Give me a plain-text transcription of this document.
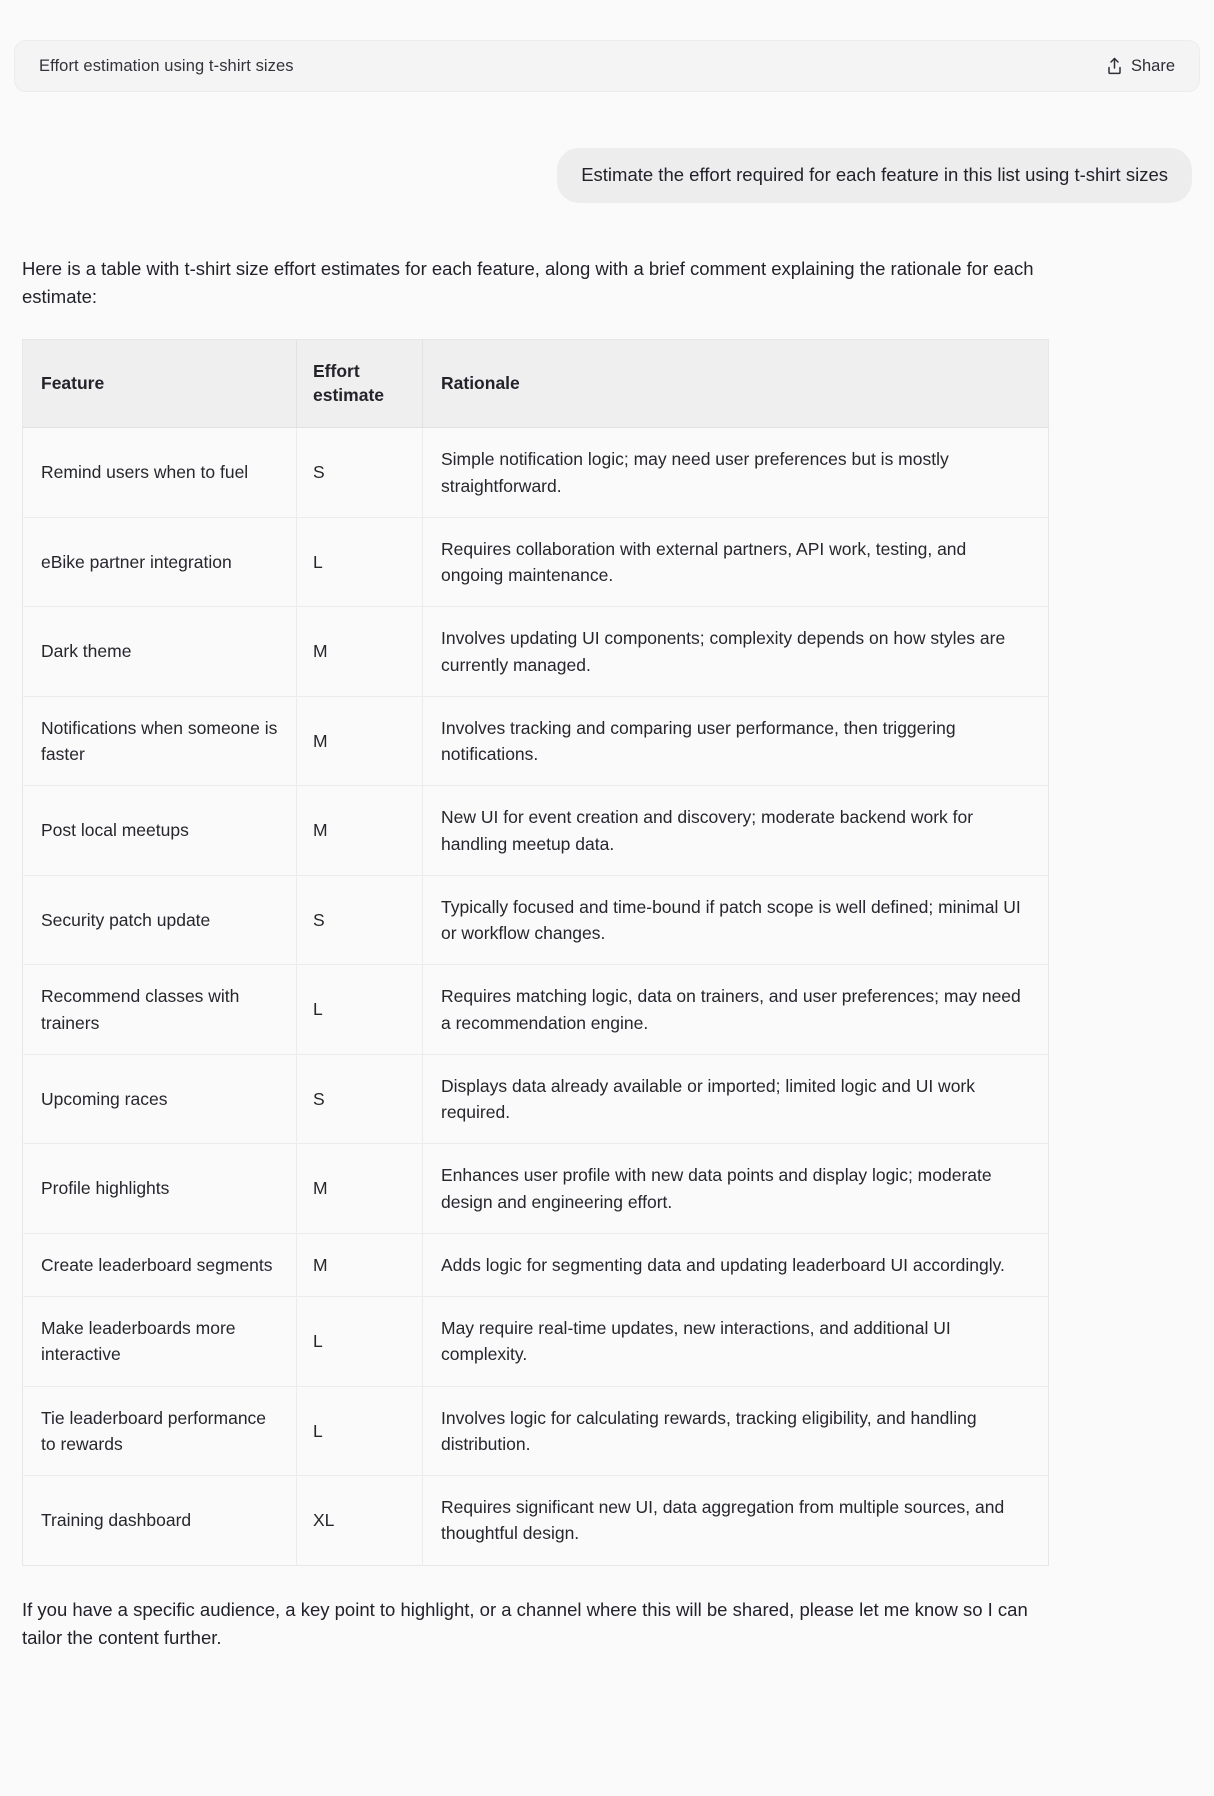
Effort estimation using t-shirt sizes	Share
Estimate the effort required for each feature in this list using t-shirt sizes

Here is a table with t-shirt size effort estimates for each feature, along with a brief comment explaining the rationale for each estimate:

Feature	Effort estimate	Rationale
Remind users when to fuel	S	Simple notification logic; may need user preferences but is mostly straightforward.
eBike partner integration	L	Requires collaboration with external partners, API work, testing, and ongoing maintenance.
Dark theme	M	Involves updating UI components; complexity depends on how styles are currently managed.
Notifications when someone is faster	M	Involves tracking and comparing user performance, then triggering notifications.
Post local meetups	M	New UI for event creation and discovery; moderate backend work for handling meetup data.
Security patch update	S	Typically focused and time-bound if patch scope is well defined; minimal UI or workflow changes.
Recommend classes with trainers	L	Requires matching logic, data on trainers, and user preferences; may need a recommendation engine.
Upcoming races	S	Displays data already available or imported; limited logic and UI work required.
Profile highlights	M	Enhances user profile with new data points and display logic; moderate design and engineering effort.
Create leaderboard segments	M	Adds logic for segmenting data and updating leaderboard UI accordingly.
Make leaderboards more interactive	L	May require real-time updates, new interactions, and additional UI complexity.
Tie leaderboard performance to rewards	L	Involves logic for calculating rewards, tracking eligibility, and handling distribution.
Training dashboard	XL	Requires significant new UI, data aggregation from multiple sources, and thoughtful design.

If you have a specific audience, a key point to highlight, or a channel where this will be shared, please let me know so I can tailor the content further.
